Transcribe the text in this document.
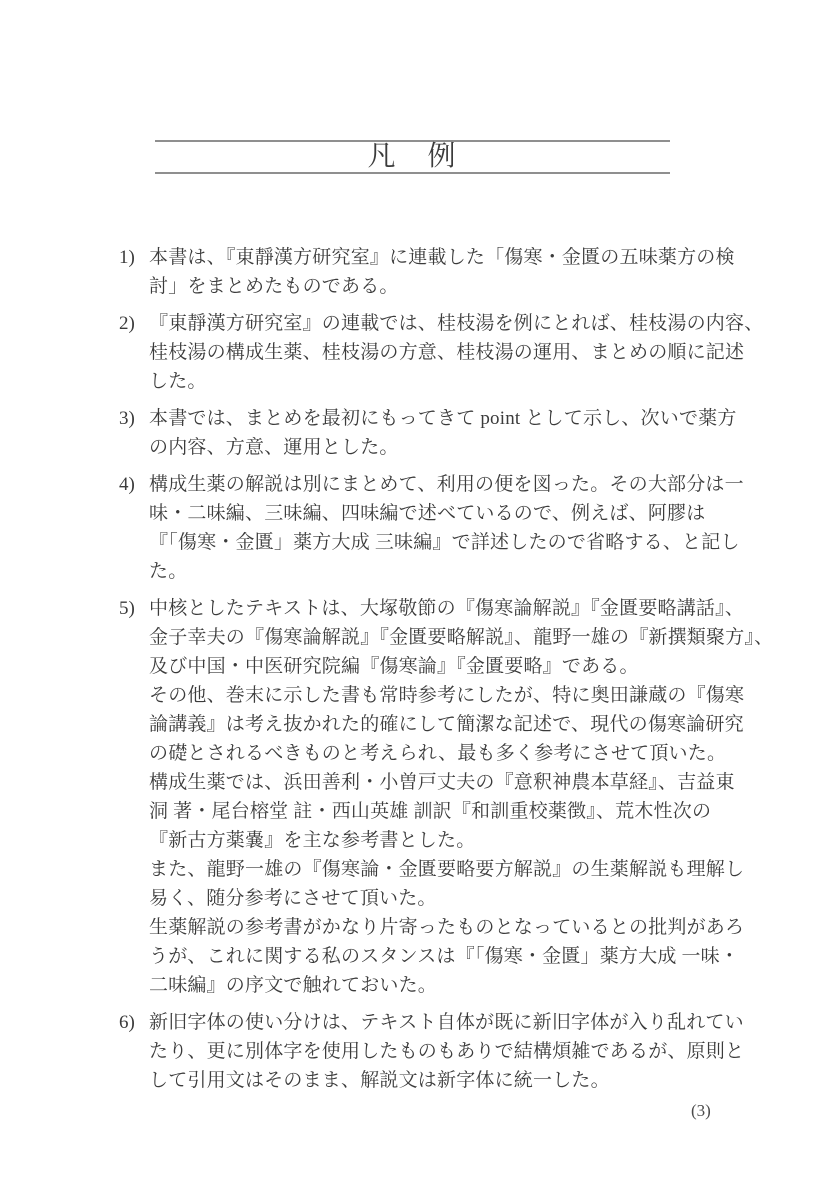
凡　例
1) 本書は、『東靜漢方研究室』に連載した「傷寒・金匱の五味薬方の検
討」をまとめたものである。
2) 『東靜漢方研究室』の連載では、桂枝湯を例にとれば、桂枝湯の内容、
桂枝湯の構成生薬、桂枝湯の方意、桂枝湯の運用、まとめの順に記述
した。
3) 本書では、まとめを最初にもってきて point として示し、次いで薬方
の内容、方意、運用とした。
4) 構成生薬の解説は別にまとめて、利用の便を図った。その大部分は一
味・二味編、三味編、四味編で述べているので、例えば、阿膠は
『「傷寒・金匱」薬方大成 三味編』で詳述したので省略する、と記し
た。
5) 中核としたテキストは、大塚敬節の『傷寒論解説』『金匱要略講話』、
金子幸夫の『傷寒論解説』『金匱要略解説』、龍野一雄の『新撰類聚方』、
及び中国・中医研究院編『傷寒論』『金匱要略』である。
その他、巻末に示した書も常時参考にしたが、特に奥田謙蔵の『傷寒
論講義』は考え抜かれた的確にして簡潔な記述で、現代の傷寒論研究
の礎とされるべきものと考えられ、最も多く参考にさせて頂いた。
構成生薬では、浜田善利・小曽戸丈夫の『意釈神農本草経』、吉益東
洞 著・尾台榕堂 註・西山英雄 訓訳『和訓重校薬徴』、荒木性次の
『新古方薬嚢』を主な参考書とした。
また、龍野一雄の『傷寒論・金匱要略要方解説』の生薬解説も理解し
易く、随分参考にさせて頂いた。
生薬解説の参考書がかなり片寄ったものとなっているとの批判があろ
うが、これに関する私のスタンスは『「傷寒・金匱」薬方大成 一味・
二味編』の序文で触れておいた。
6) 新旧字体の使い分けは、テキスト自体が既に新旧字体が入り乱れてい
たり、更に別体字を使用したものもありで結構煩雑であるが、原則と
して引用文はそのまま、解説文は新字体に統一した。
(3)
